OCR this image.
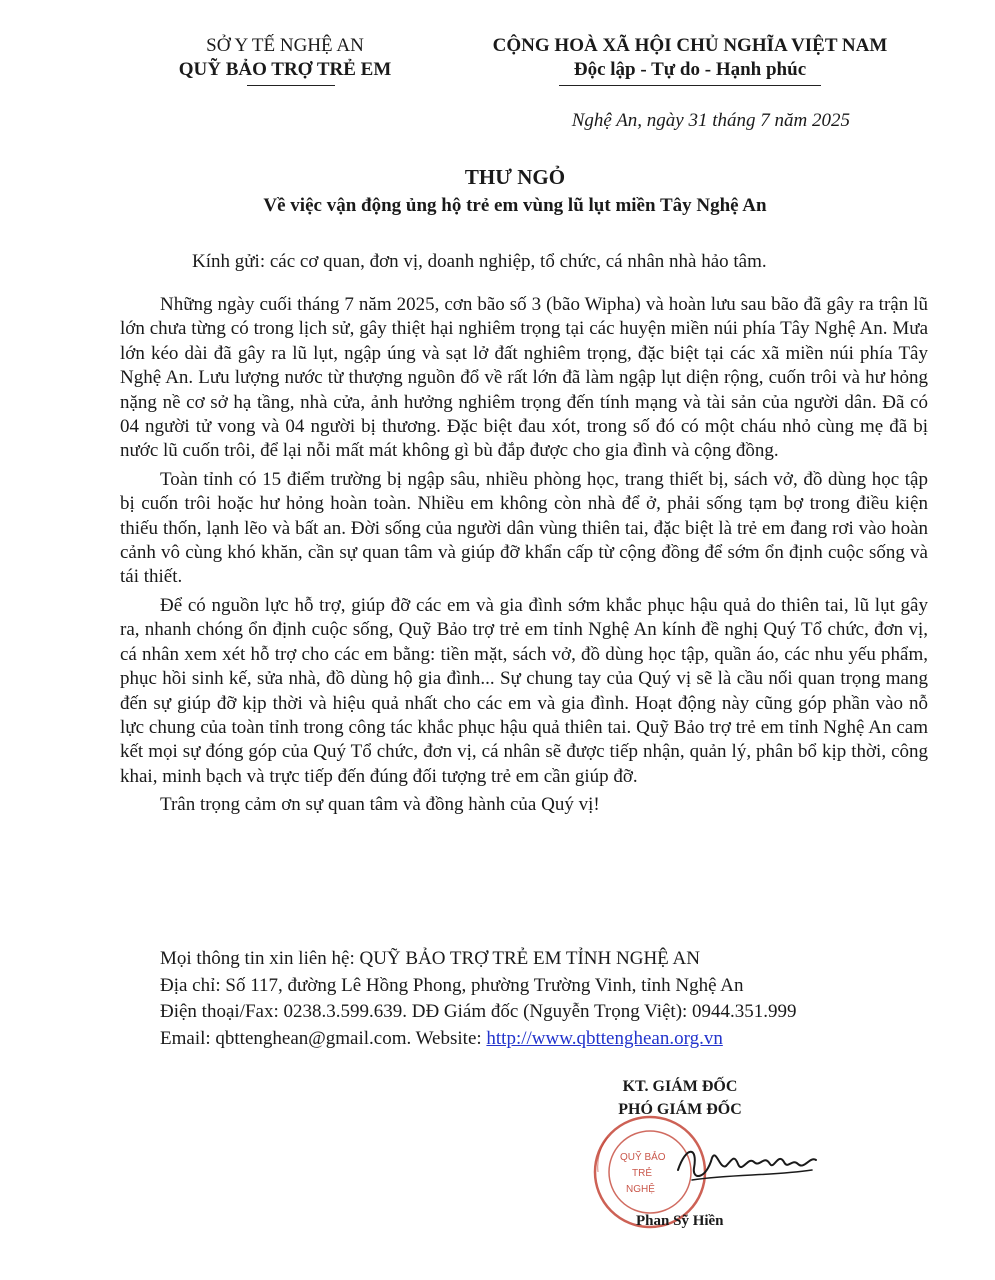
SỞ Y TẾ NGHỆ AN
QUỸ BẢO TRỢ TRẺ EM
CỘNG HOÀ XÃ HỘI CHỦ NGHĨA VIỆT NAM
Độc lập - Tự do - Hạnh phúc
Nghệ An, ngày 31 tháng 7 năm 2025
THƯ NGỎ
Về việc vận động ủng hộ trẻ em vùng lũ lụt miền Tây Nghệ An
Kính gửi: các cơ quan, đơn vị, doanh nghiệp, tổ chức, cá nhân nhà hảo tâm.

Những ngày cuối tháng 7 năm 2025, cơn bão số 3 (bão Wipha) và hoàn lưu sau bão đã gây ra trận lũ lớn chưa từng có trong lịch sử, gây thiệt hại nghiêm trọng tại các huyện miền núi phía Tây Nghệ An. Mưa lớn kéo dài đã gây ra lũ lụt, ngập úng và sạt lở đất nghiêm trọng, đặc biệt tại các xã miền núi phía Tây Nghệ An. Lưu lượng nước từ thượng nguồn đổ về rất lớn đã làm ngập lụt diện rộng, cuốn trôi và hư hỏng nặng nề cơ sở hạ tầng, nhà cửa, ảnh hưởng nghiêm trọng đến tính mạng và tài sản của người dân. Đã có 04 người tử vong và 04 người bị thương. Đặc biệt đau xót, trong số đó có một cháu nhỏ cùng mẹ đã bị nước lũ cuốn trôi, để lại nỗi mất mát không gì bù đắp được cho gia đình và cộng đồng.

Toàn tỉnh có 15 điểm trường bị ngập sâu, nhiều phòng học, trang thiết bị, sách vở, đồ dùng học tập bị cuốn trôi hoặc hư hỏng hoàn toàn. Nhiều em không còn nhà để ở, phải sống tạm bợ trong điều kiện thiếu thốn, lạnh lẽo và bất an. Đời sống của người dân vùng thiên tai, đặc biệt là trẻ em đang rơi vào hoàn cảnh vô cùng khó khăn, cần sự quan tâm và giúp đỡ khẩn cấp từ cộng đồng để sớm ổn định cuộc sống và tái thiết.

Để có nguồn lực hỗ trợ, giúp đỡ các em và gia đình sớm khắc phục hậu quả do thiên tai, lũ lụt gây ra, nhanh chóng ổn định cuộc sống, Quỹ Bảo trợ trẻ em tỉnh Nghệ An kính đề nghị Quý Tổ chức, đơn vị, cá nhân xem xét hỗ trợ cho các em bằng: tiền mặt, sách vở, đồ dùng học tập, quần áo, các nhu yếu phẩm, phục hồi sinh kế, sửa nhà, đồ dùng hộ gia đình... Sự chung tay của Quý vị sẽ là cầu nối quan trọng mang đến sự giúp đỡ kịp thời và hiệu quả nhất cho các em và gia đình. Hoạt động này cũng góp phần vào nỗ lực chung của toàn tỉnh trong công tác khắc phục hậu quả thiên tai. Quỹ Bảo trợ trẻ em tỉnh Nghệ An cam kết mọi sự đóng góp của Quý Tổ chức, đơn vị, cá nhân sẽ được tiếp nhận, quản lý, phân bổ kịp thời, công khai, minh bạch và trực tiếp đến đúng đối tượng trẻ em cần giúp đỡ.

Trân trọng cảm ơn sự quan tâm và đồng hành của Quý vị!

Mọi thông tin xin liên hệ: QUỸ BẢO TRỢ TRẺ EM TỈNH NGHỆ AN
Địa chỉ: Số 117, đường Lê Hồng Phong, phường Trường Vinh, tỉnh Nghệ An
Điện thoại/Fax: 0238.3.599.639. DĐ Giám đốc (Nguyễn Trọng Việt): 0944.351.999
Email: qbttenghean@gmail.com. Website: http://www.qbttenghean.org.vn
KT. GIÁM ĐỐC
PHÓ GIÁM ĐỐC
QUỸ BẢO
TRẺ
NGHỆ
Phan Sỹ Hiền
